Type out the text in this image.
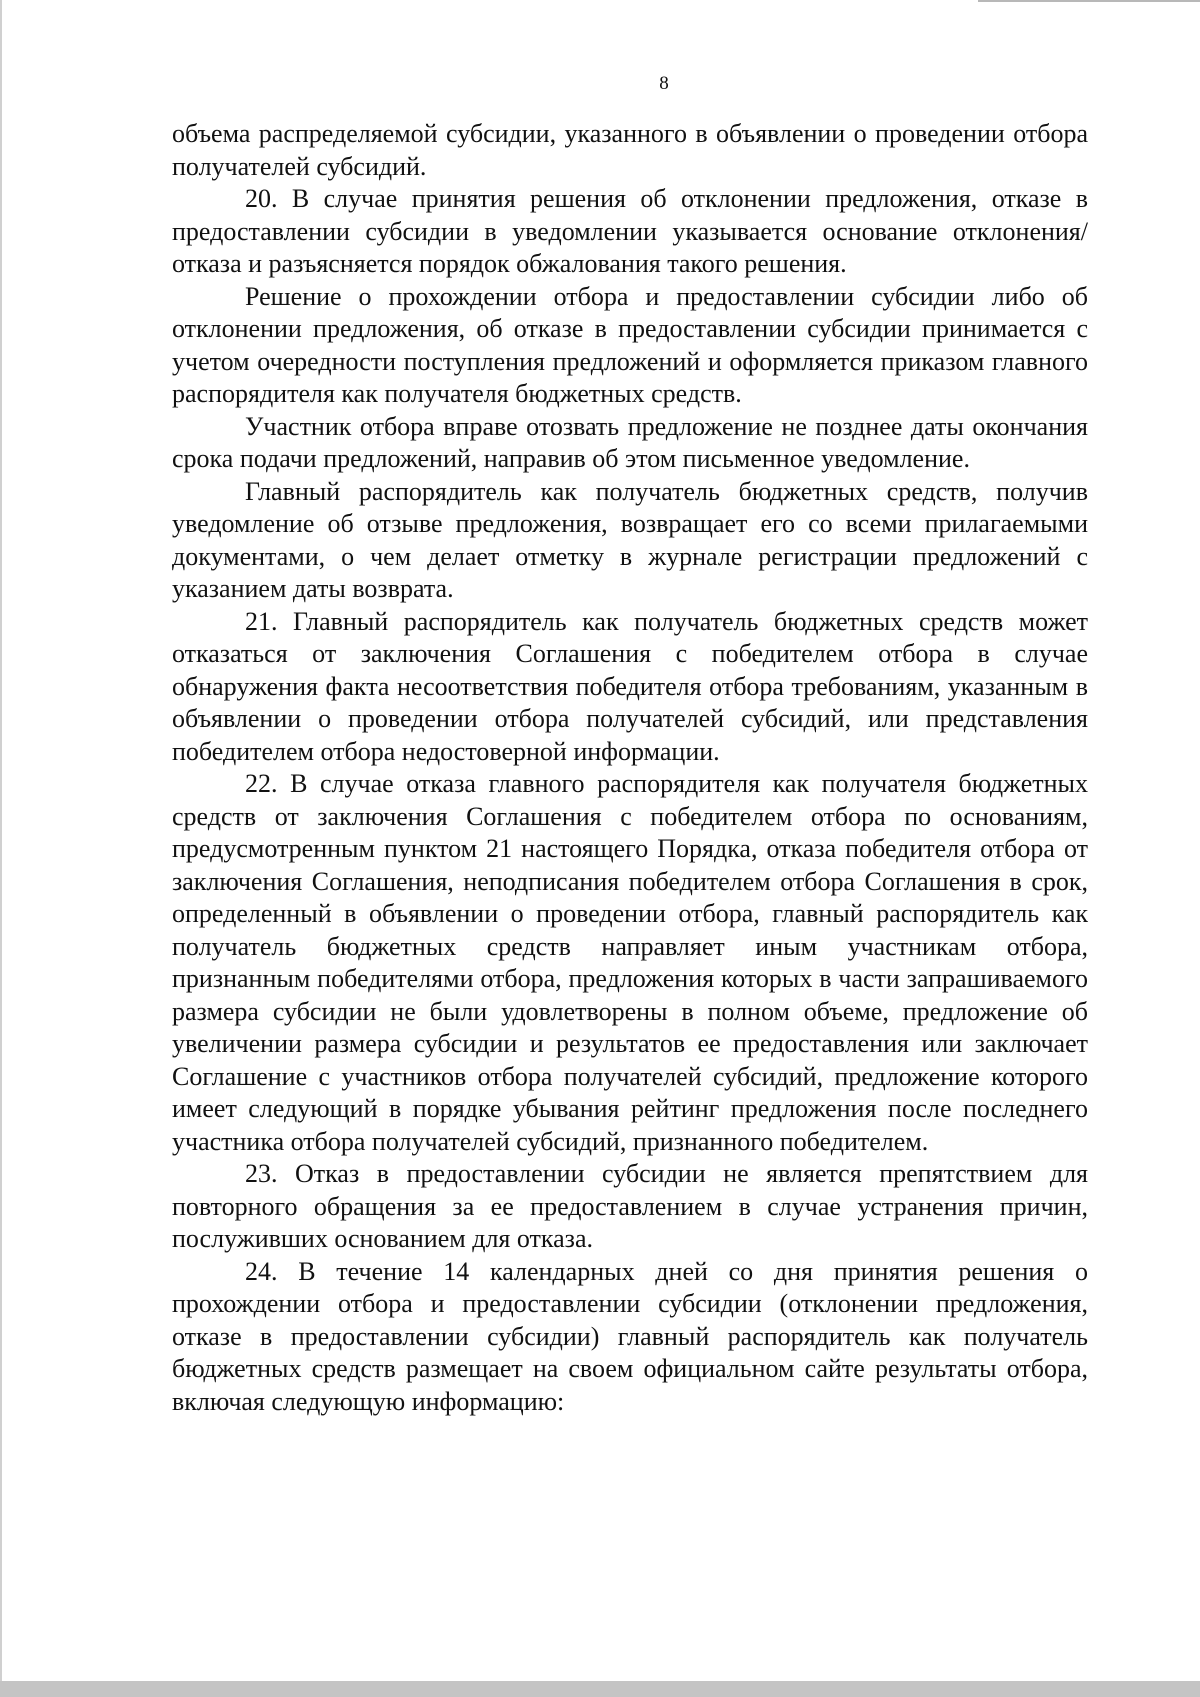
8

объема распределяемой субсидии, указанного в объявлении о проведении отбора получателей субсидий.

20. В случае принятия решения об отклонении предложения, отказе в предоставлении субсидии в уведомлении указывается основание отклонения/отказа и разъясняется порядок обжалования такого решения.

Решение о прохождении отбора и предоставлении субсидии либо об отклонении предложения, об отказе в предоставлении субсидии принимается с учетом очередности поступления предложений и оформляется приказом главного распорядителя как получателя бюджетных средств.

Участник отбора вправе отозвать предложение не позднее даты окончания срока подачи предложений, направив об этом письменное уведомление.

Главный распорядитель как получатель бюджетных средств, получив уведомление об отзыве предложения, возвращает его со всеми прилагаемыми документами, о чем делает отметку в журнале регистрации предложений с указанием даты возврата.

21. Главный распорядитель как получатель бюджетных средств может отказаться от заключения Соглашения с победителем отбора в случае обнаружения факта несоответствия победителя отбора требованиям, указанным в объявлении о проведении отбора получателей субсидий, или представления победителем отбора недостоверной информации.

22. В случае отказа главного распорядителя как получателя бюджетных средств от заключения Соглашения с победителем отбора по основаниям, предусмотренным пунктом 21 настоящего Порядка, отказа победителя отбора от заключения Соглашения, неподписания победителем отбора Соглашения в срок, определенный в объявлении о проведении отбора, главный распорядитель как получатель бюджетных средств направляет иным участникам отбора, признанным победителями отбора, предложения которых в части запрашиваемого размера субсидии не были удовлетворены в полном объеме, предложение об увеличении размера субсидии и результатов ее предоставления или заключает Соглашение с участников отбора получателей субсидий, предложение которого имеет следующий в порядке убывания рейтинг предложения после последнего участника отбора получателей субсидий, признанного победителем.

23. Отказ в предоставлении субсидии не является препятствием для повторного обращения за ее предоставлением в случае устранения причин, послуживших основанием для отказа.

24. В течение 14 календарных дней со дня принятия решения о прохождении отбора и предоставлении субсидии (отклонении предложения, отказе в предоставлении субсидии) главный распорядитель как получатель бюджетных средств размещает на своем официальном сайте результаты отбора, включая следующую информацию:
